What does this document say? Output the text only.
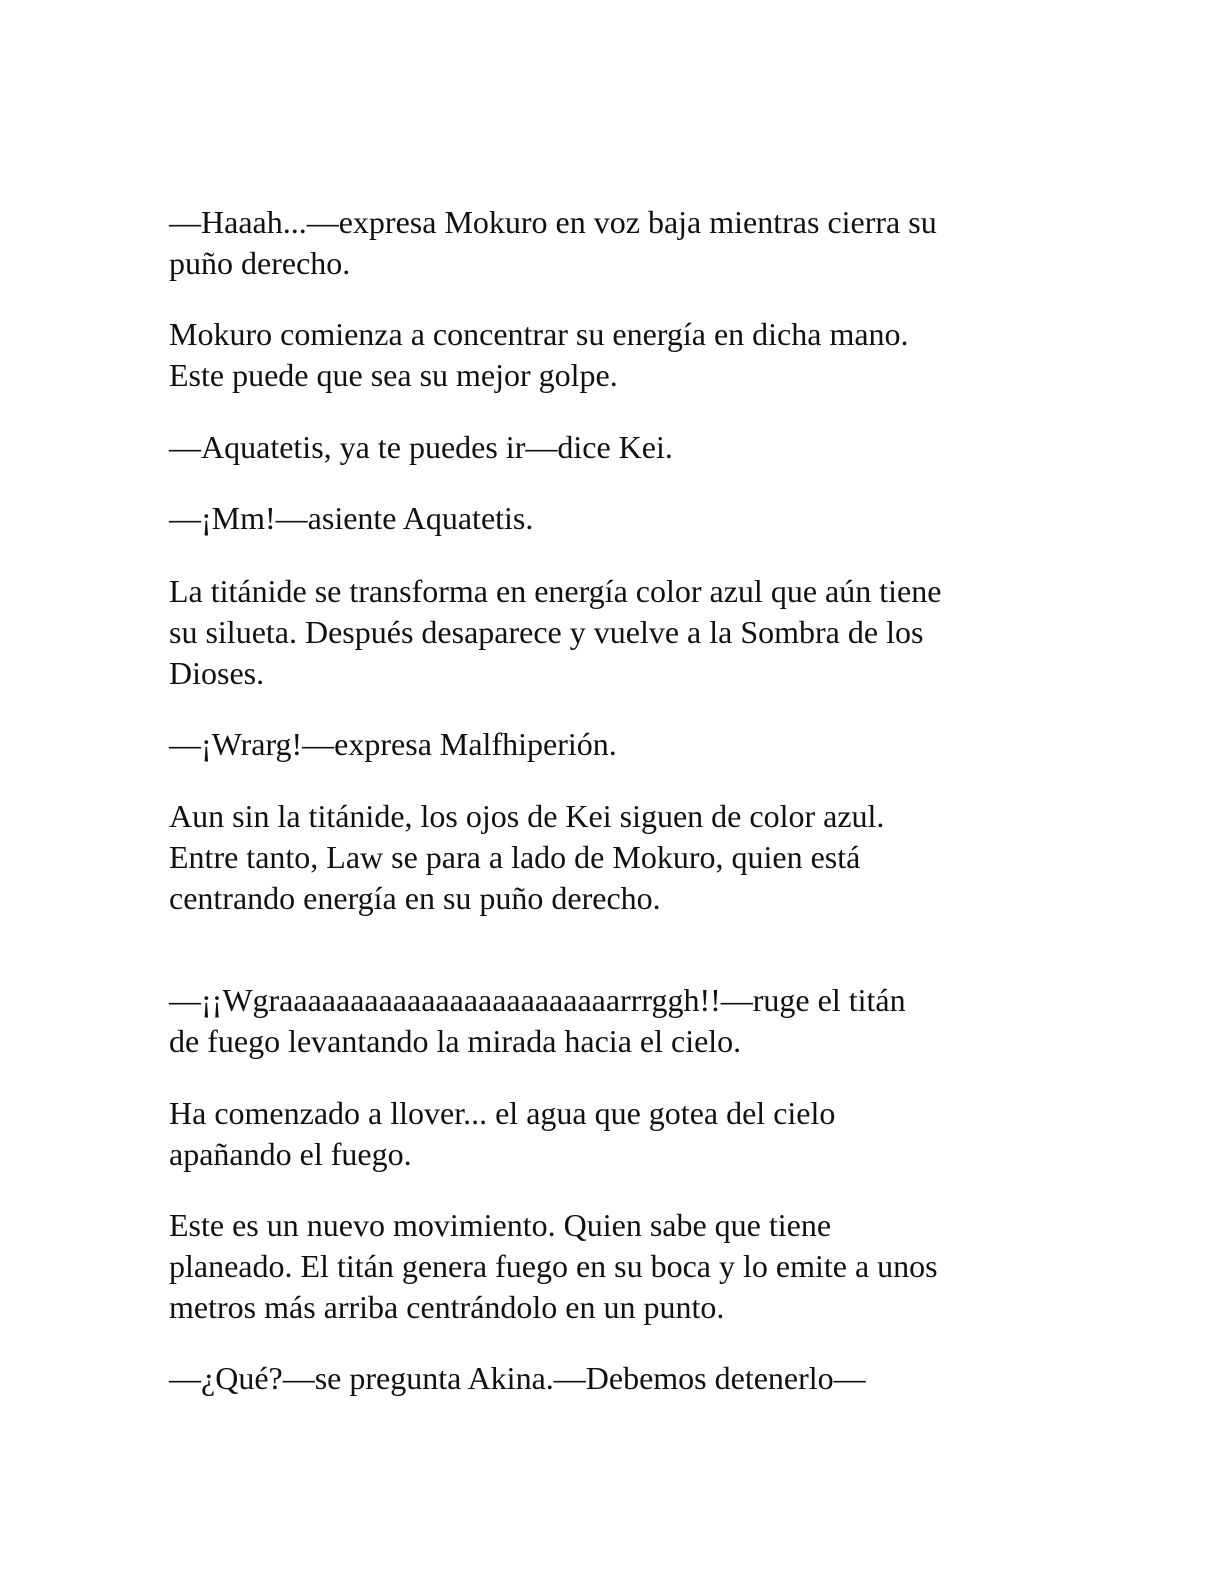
—Haaah...—expresa Mokuro en voz baja mientras cierra su
puño derecho.

Mokuro comienza a concentrar su energía en dicha mano.
Este puede que sea su mejor golpe.

—Aquatetis, ya te puedes ir—dice Kei.

—¡Mm!—asiente Aquatetis.

La titánide se transforma en energía color azul que aún tiene
su silueta. Después desaparece y vuelve a la Sombra de los
Dioses.

—¡Wrarg!—expresa Malfhiperión.

Aun sin la titánide, los ojos de Kei siguen de color azul.
Entre tanto, Law se para a lado de Mokuro, quien está
centrando energía en su puño derecho.

—¡¡Wgraaaaaaaaaaaaaaaaaaaaaaaarrrggh!!—ruge el titán
de fuego levantando la mirada hacia el cielo.

Ha comenzado a llover... el agua que gotea del cielo
apañando el fuego.

Este es un nuevo movimiento. Quien sabe que tiene
planeado. El titán genera fuego en su boca y lo emite a unos
metros más arriba centrándolo en un punto.

—¿Qué?—se pregunta Akina.—Debemos detenerlo—
